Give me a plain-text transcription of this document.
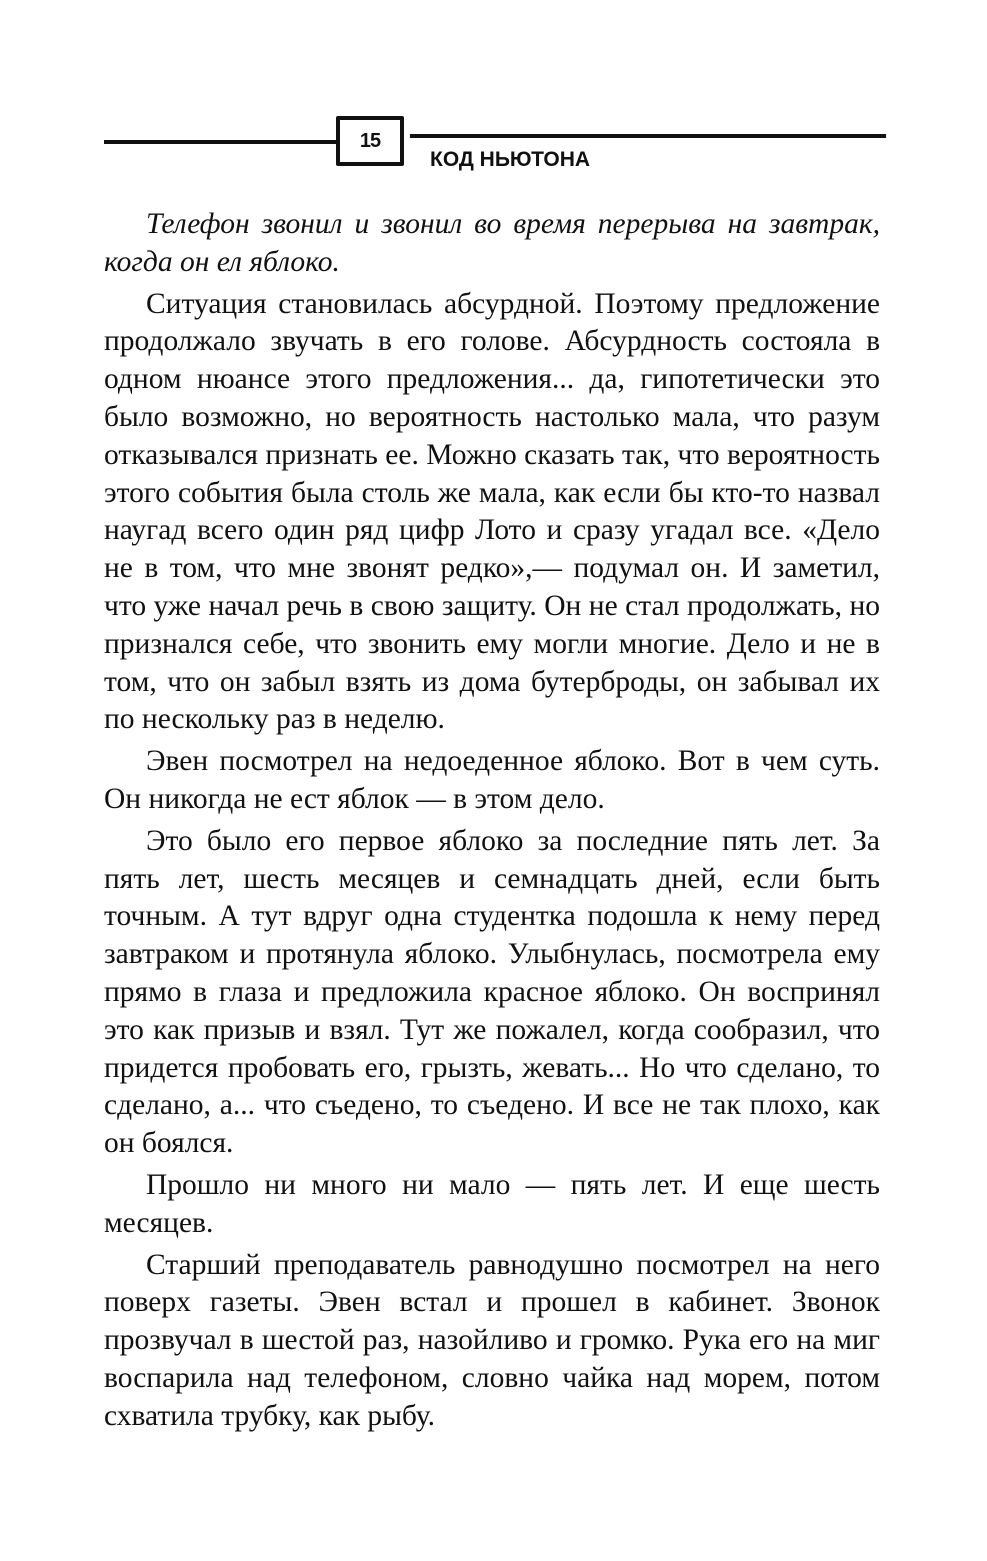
15
КОД НЬЮТОНА

Телефон звонил и звонил во время перерыва на завтрак, когда он ел яблоко.

Ситуация становилась абсурдной. Поэтому предложение продолжало звучать в его голове. Абсурдность состояла в одном нюансе этого предложения... да, гипотетически это было возможно, но вероятность настолько мала, что разум отказывался признать ее. Можно сказать так, что вероятность этого события была столь же мала, как если бы кто-то назвал наугад всего один ряд цифр Лото и сразу угадал все. «Дело не в том, что мне звонят редко»,— подумал он. И заметил, что уже начал речь в свою защиту. Он не стал продолжать, но признался себе, что звонить ему могли многие. Дело и не в том, что он забыл взять из дома бутерброды, он забывал их по нескольку раз в неделю.

Эвен посмотрел на недоеденное яблоко. Вот в чем суть. Он никогда не ест яблок — в этом дело.

Это было его первое яблоко за последние пять лет. За пять лет, шесть месяцев и семнадцать дней, если быть точным. А тут вдруг одна студентка подошла к нему перед завтраком и протянула яблоко. Улыбнулась, посмотрела ему прямо в глаза и предложила красное яблоко. Он воспринял это как призыв и взял. Тут же пожалел, когда сообразил, что придется пробовать его, грызть, жевать... Но что сделано, то сделано, а... что съедено, то съедено. И все не так плохо, как он боялся.

Прошло ни много ни мало — пять лет. И еще шесть месяцев.

Старший преподаватель равнодушно посмотрел на него поверх газеты. Эвен встал и прошел в кабинет. Звонок прозвучал в шестой раз, назойливо и громко. Рука его на миг воспарила над телефоном, словно чайка над морем, потом схватила трубку, как рыбу.
